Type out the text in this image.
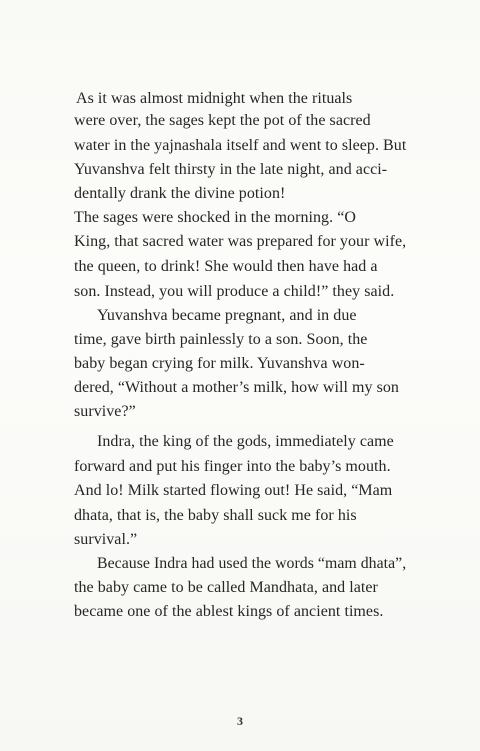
As it was almost midnight when the rituals
were over, the sages kept the pot of the sacred
water in the yajnashala itself and went to sleep. But
Yuvanshva felt thirsty in the late night, and acci-
dentally drank the divine potion!
The sages were shocked in the morning. “O
King, that sacred water was prepared for your wife,
the queen, to drink! She would then have had a
son. Instead, you will produce a child!” they said.
Yuvanshva became pregnant, and in due
time, gave birth painlessly to a son. Soon, the
baby began crying for milk. Yuvanshva won-
dered, “Without a mother’s milk, how will my son
survive?”
Indra, the king of the gods, immediately came
forward and put his finger into the baby’s mouth.
And lo! Milk started flowing out! He said, “Mam
dhata, that is, the baby shall suck me for his
survival.”
Because Indra had used the words “mam dhata”,
the baby came to be called Mandhata, and later
became one of the ablest kings of ancient times.
3
